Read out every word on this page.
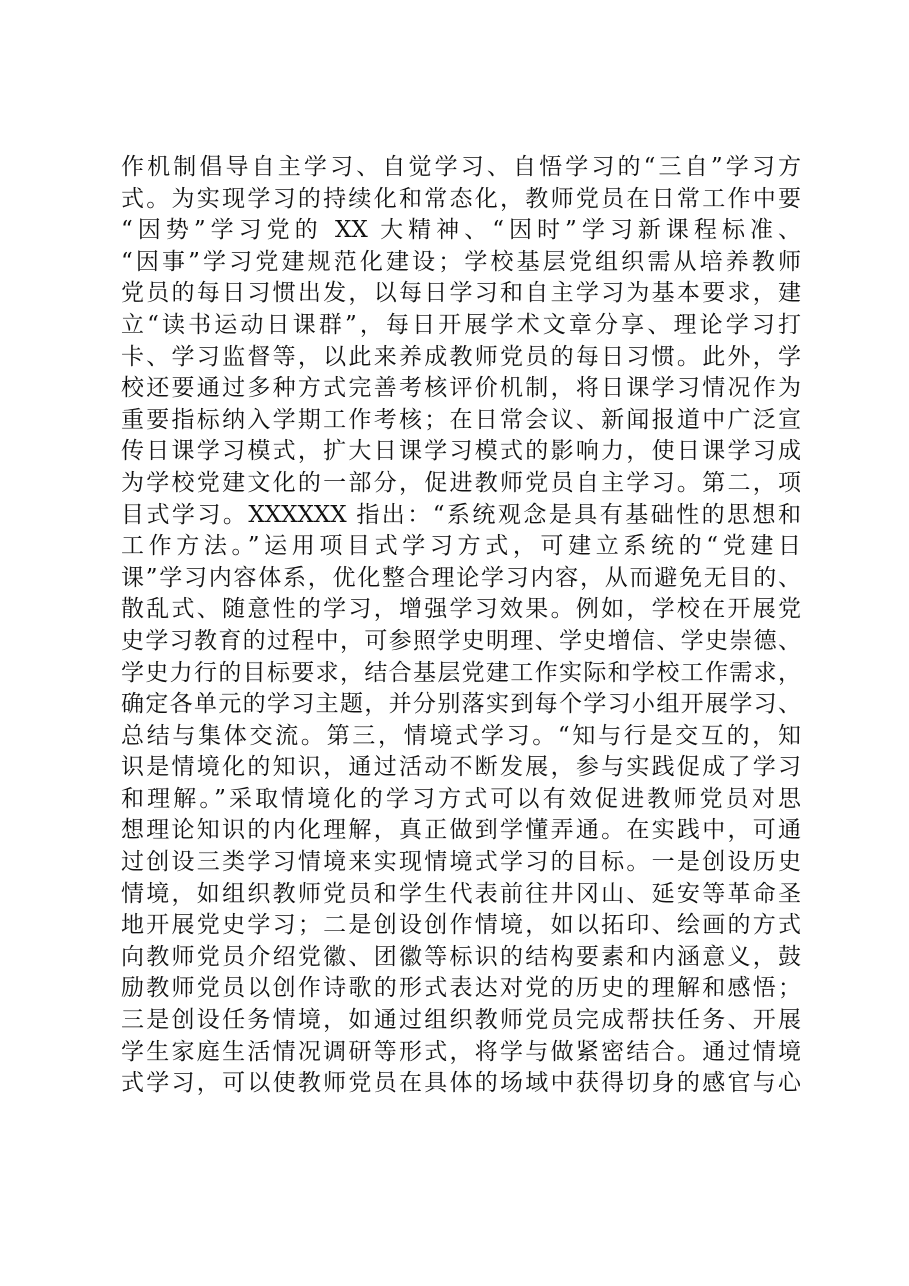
作机制倡导自主学习、自觉学习、自悟学习的“三自”学习方
式。为实现学习的持续化和常态化，教师党员在日常工作中要
“因势”学习党的 XX 大精神、“因时”学习新课程标准、
“因事”学习党建规范化建设；学校基层党组织需从培养教师
党员的每日习惯出发，以每日学习和自主学习为基本要求，建
立“读书运动日课群”，每日开展学术文章分享、理论学习打
卡、学习监督等，以此来养成教师党员的每日习惯。此外，学
校还要通过多种方式完善考核评价机制，将日课学习情况作为
重要指标纳入学期工作考核；在日常会议、新闻报道中广泛宣
传日课学习模式，扩大日课学习模式的影响力，使日课学习成
为学校党建文化的一部分，促进教师党员自主学习。第二，项
目式学习。XXXXXX 指出：“系统观念是具有基础性的思想和
工作方法。”运用项目式学习方式，可建立系统的“党建日
课”学习内容体系，优化整合理论学习内容，从而避免无目的、
散乱式、随意性的学习，增强学习效果。例如，学校在开展党
史学习教育的过程中，可参照学史明理、学史增信、学史崇德、
学史力行的目标要求，结合基层党建工作实际和学校工作需求，
确定各单元的学习主题，并分别落实到每个学习小组开展学习、
总结与集体交流。第三，情境式学习。“知与行是交互的，知
识是情境化的知识，通过活动不断发展，参与实践促成了学习
和理解。”采取情境化的学习方式可以有效促进教师党员对思
想理论知识的内化理解，真正做到学懂弄通。在实践中，可通
过创设三类学习情境来实现情境式学习的目标。一是创设历史
情境，如组织教师党员和学生代表前往井冈山、延安等革命圣
地开展党史学习；二是创设创作情境，如以拓印、绘画的方式
向教师党员介绍党徽、团徽等标识的结构要素和内涵意义，鼓
励教师党员以创作诗歌的形式表达对党的历史的理解和感悟；
三是创设任务情境，如通过组织教师党员完成帮扶任务、开展
学生家庭生活情况调研等形式，将学与做紧密结合。通过情境
式学习，可以使教师党员在具体的场域中获得切身的感官与心
